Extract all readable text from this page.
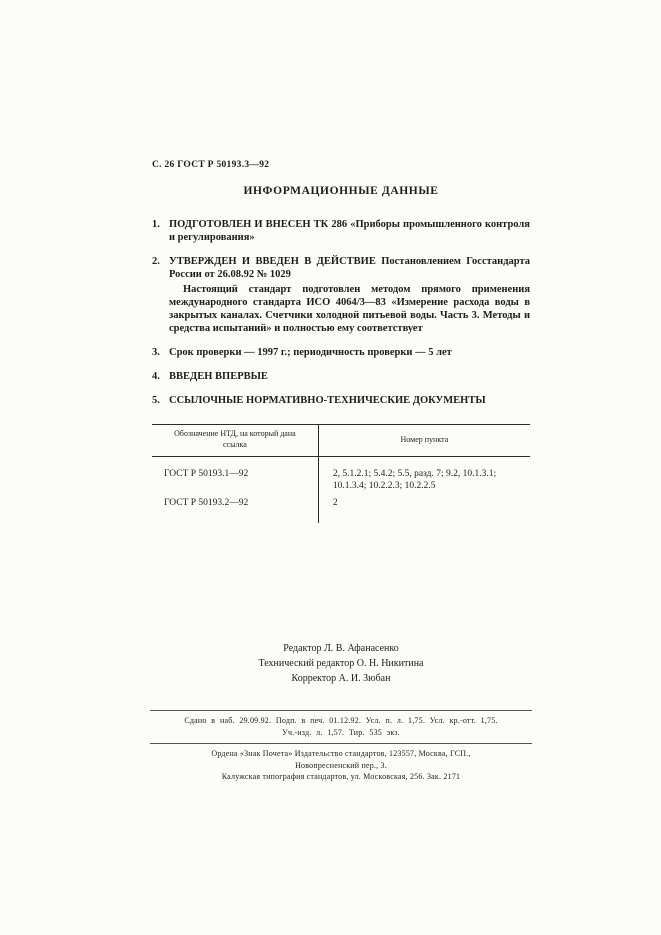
С. 26 ГОСТ Р 50193.3—92
ИНФОРМАЦИОННЫЕ ДАННЫЕ
1. ПОДГОТОВЛЕН И ВНЕСЕН ТК 286 «Приборы промышленного контроля и регулирования»
2. УТВЕРЖДЕН И ВВЕДЕН В ДЕЙСТВИЕ Постановлением Госстандарта России от 26.08.92 № 1029

Настоящий стандарт подготовлен методом прямого применения международного стандарта ИСО 4064/3—83 «Измерение расхода воды в закрытых каналах. Счетчики холодной питьевой воды. Часть 3. Методы и средства испытаний» и полностью ему соответствует

3. Срок проверки — 1997 г.; периодичность проверки — 5 лет
4. ВВЕДЕН ВПЕРВЫЕ
5. ССЫЛОЧНЫЕ НОРМАТИВНО-ТЕХНИЧЕСКИЕ ДОКУМЕНТЫ
Обозначение НТД, на который дана ссылка	Номер пункта
ГОСТ Р 50193.1—92	2, 5.1.2.1; 5.4.2; 5.5, разд. 7; 9.2, 10.1.3.1; 10.1.3.4; 10.2.2.3; 10.2.2.5
ГОСТ Р 50193.2—92	2
Редактор Л. В. Афанасенко
Технический редактор О. Н. Никитина
Корректор А. И. Зюбан
Сдано в наб. 29.09.92. Подп. в печ. 01.12.92. Усл. п. л. 1,75. Усл. кр.-отт. 1,75.
Уч.-изд. л. 1,57. Тир. 535 экз.
Ордена «Знак Почета» Издательство стандартов, 123557, Москва, ГСП.,
Новопресненский пер., 3.
Калужская типография стандартов, ул. Московская, 256. Зак. 2171
